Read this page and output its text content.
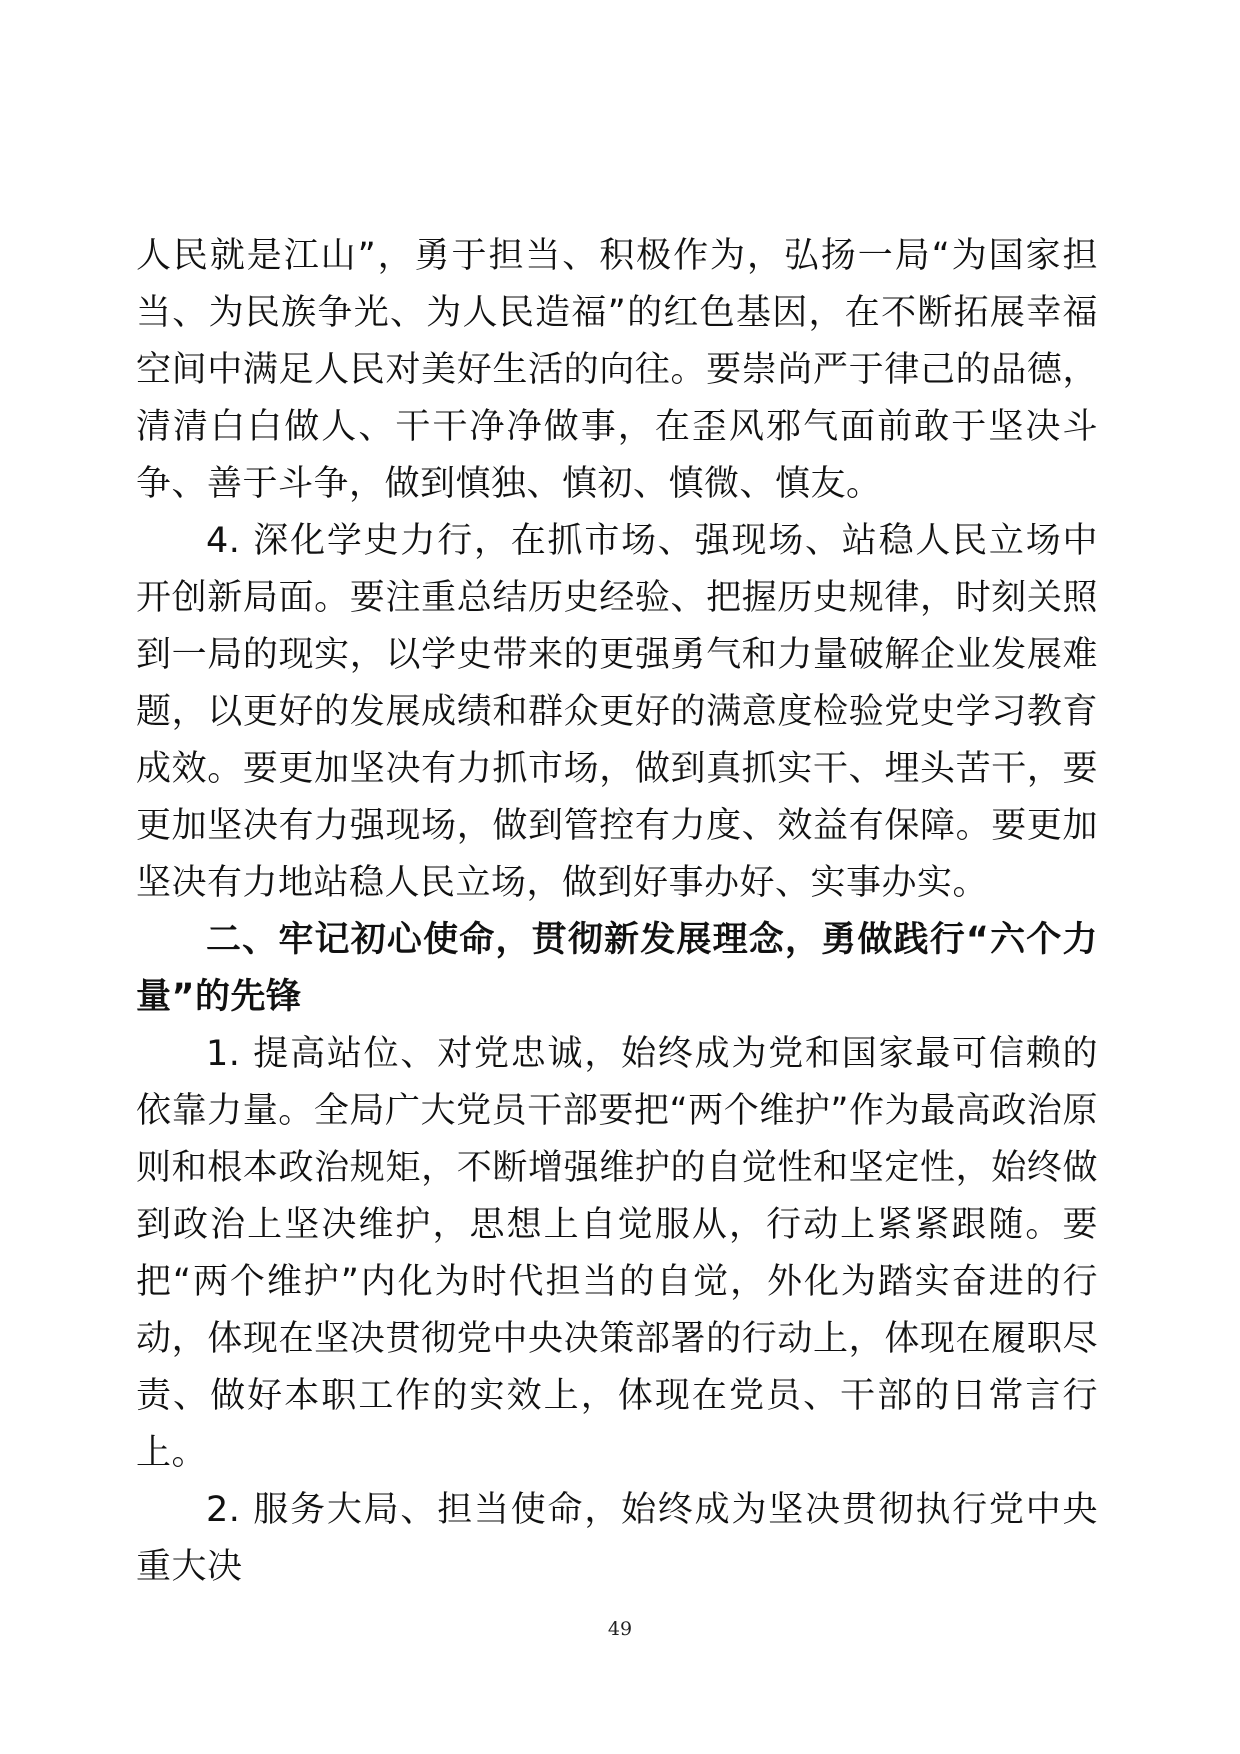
人民就是江山”，勇于担当、积极作为，弘扬一局“为国家担当、为民族争光、为人民造福”的红色基因，在不断拓展幸福空间中满足人民对美好生活的向往。要崇尚严于律己的品德，清清白白做人、干干净净做事，在歪风邪气面前敢于坚决斗争、善于斗争，做到慎独、慎初、慎微、慎友。

4. 深化学史力行，在抓市场、强现场、站稳人民立场中开创新局面。要注重总结历史经验、把握历史规律，时刻关照到一局的现实，以学史带来的更强勇气和力量破解企业发展难题，以更好的发展成绩和群众更好的满意度检验党史学习教育成效。要更加坚决有力抓市场，做到真抓实干、埋头苦干，要更加坚决有力强现场，做到管控有力度、效益有保障。要更加坚决有力地站稳人民立场，做到好事办好、实事办实。

二、牢记初心使命，贯彻新发展理念，勇做践行“六个力量”的先锋

1. 提高站位、对党忠诚，始终成为党和国家最可信赖的依靠力量。全局广大党员干部要把“两个维护”作为最高政治原则和根本政治规矩，不断增强维护的自觉性和坚定性，始终做到政治上坚决维护，思想上自觉服从，行动上紧紧跟随。要把“两个维护”内化为时代担当的自觉，外化为踏实奋进的行动，体现在坚决贯彻党中央决策部署的行动上，体现在履职尽责、做好本职工作的实效上，体现在党员、干部的日常言行上。

2. 服务大局、担当使命，始终成为坚决贯彻执行党中央重大决

49
